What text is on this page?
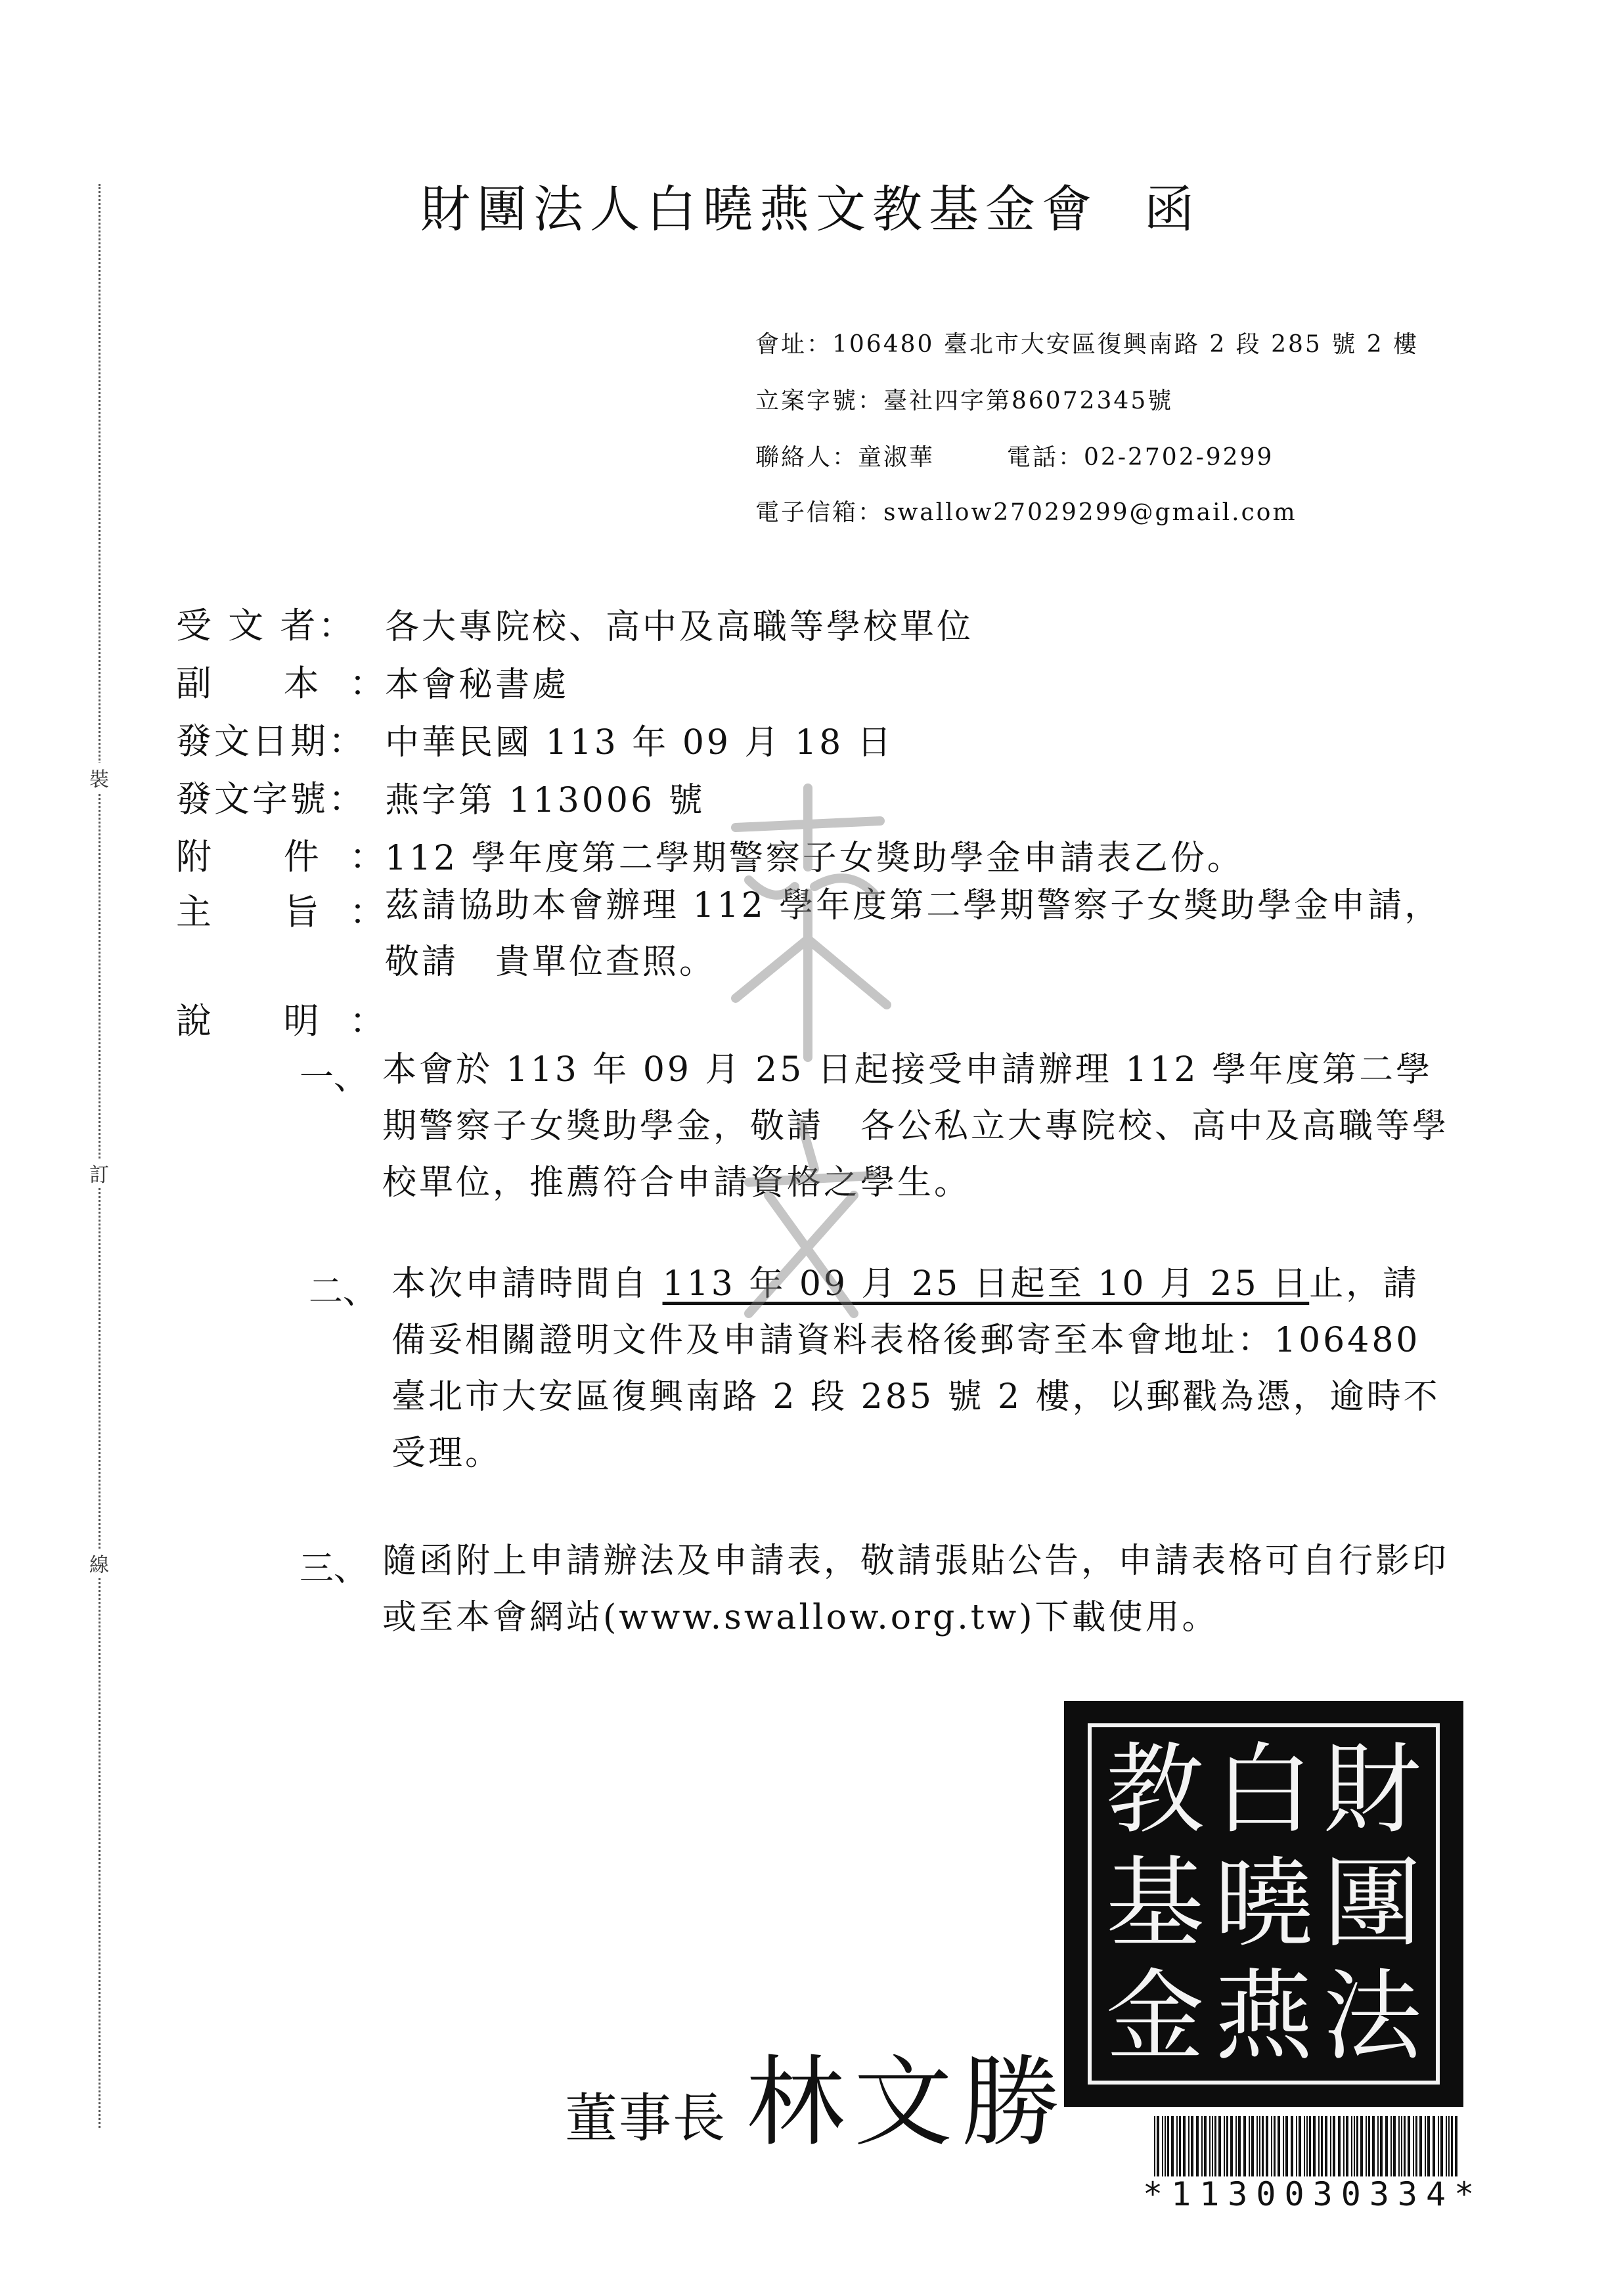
裝
訂
線
財團法人白曉燕文教基金會 函
會址：106480 臺北市大安區復興南路 2 段 285 號 2 樓
立案字號：臺社四字第86072345號
聯絡人：童淑華	電話：02-2702-9299
電子信箱：swallow27029299@gmail.com
受 文 者： 各大專院校、高中及高職等學校單位
副 本： 本會秘書處
發文日期： 中華民國 113 年 09 月 18 日
發文字號： 燕字第 113006 號
附 件： 112 學年度第二學期警察子女獎助學金申請表乙份。
主 旨： 茲請協助本會辦理 112 學年度第二學期警察子女獎助學金申請，敬請　貴單位查照。
說 明：
一、 本會於 113 年 09 月 25 日起接受申請辦理 112 學年度第二學期警察子女獎助學金，敬請　各公私立大專院校、高中及高職等學校單位，推薦符合申請資格之學生。
二、 本次申請時間自 113 年 09 月 25 日起至 10 月 25 日止，請備妥相關證明文件及申請資料表格後郵寄至本會地址：106480 臺北市大安區復興南路 2 段 285 號 2 樓，以郵戳為憑，逾時不受理。
三、 隨函附上申請辦法及申請表，敬請張貼公告，申請表格可自行影印或至本會網站(www.swallow.org.tw)下載使用。
教 白 財
基 曉 團
金 燕 法
董事長 林文勝
*1130030334*
